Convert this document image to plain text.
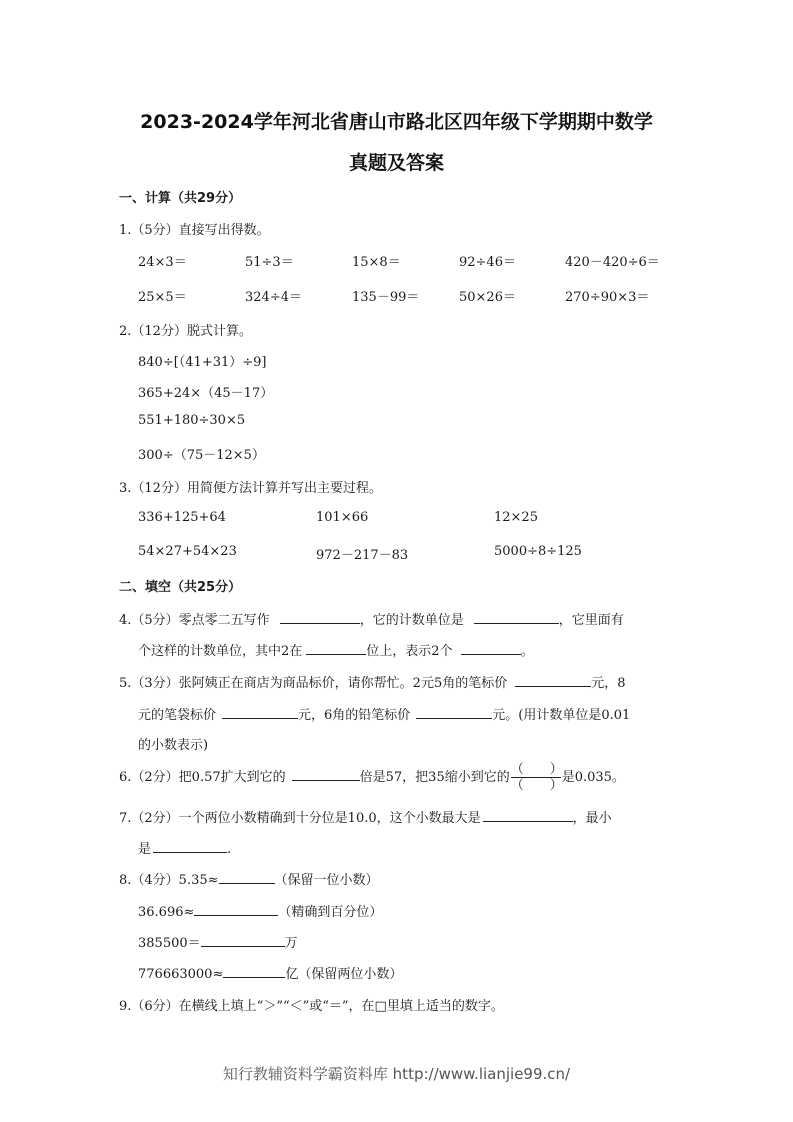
2023-2024学年河北省唐山市路北区四年级下学期期中数学
真题及答案
一、计算（共29分）
1.（5分）直接写出得数。
24×3＝	51÷3＝	15×8＝	92÷46＝	420－420÷6＝
25×5＝	324÷4＝	135－99＝	50×26＝	270÷90×3＝
2.（12分）脱式计算。
840÷[（41+31）÷9]
365+24×（45－17）
551+180÷30×5
300÷（75－12×5）
3.（12分）用简便方法计算并写出主要过程。
336+125+64	101×66	12×25
54×27+54×23	972－217－83	5000÷8÷125
二、填空（共25分）
4.（5分）零点零二五写作	，它的计数单位是	，它里面有
个这样的计数单位，其中2在	位上，表示2个	。
5.（3分）张阿姨正在商店为商品标价，请你帮忙。2元5角的笔标价	元，8
元的笔袋标价	元，6角的铅笔标价	元。(用计数单位是0.01
的小数表示)
6.（2分）把0.57扩大到它的	倍是57，把35缩小到它的 $\frac{( )}{( )}$ 是0.035。
7.（2分）一个两位小数精确到十分位是10.0，这个小数最大是	，最小
是	.
8.（4分）5.35≈	（保留一位小数）
36.696≈	（精确到百分位）
385500＝	万
776663000≈	亿（保留两位小数）
9.（6分）在横线上填上“＞”“＜”或“＝”，在□里填上适当的数字。
知行教辅资料学霸资料库 http://www.lianjie99.cn/
